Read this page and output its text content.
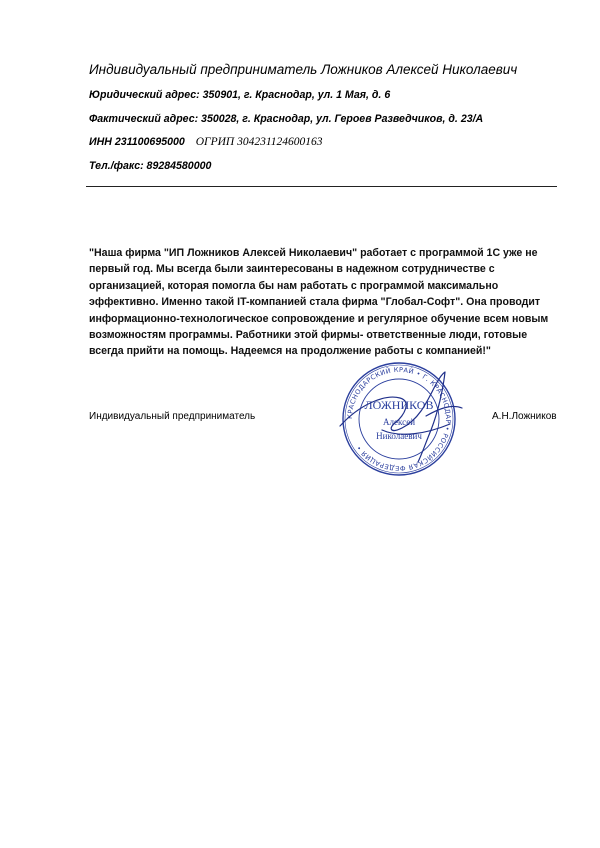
Индивидуальный предприниматель Ложников Алексей Николаевич
Юридический адрес: 350901, г. Краснодар, ул. 1 Мая, д. 6
Фактический адрес: 350028, г. Краснодар, ул. Героев Разведчиков, д. 23/А
ИНН 231100695000 ОГРИП 304231124600163
Тел./факс: 89284580000
"Наша фирма "ИП Ложников Алексей Николаевич" работает с программой 1С уже не
первый год. Мы всегда были заинтересованы в надежном сотрудничестве с
организацией, которая помогла бы нам работать с программой максимально
эффективно. Именно такой IT-компанией стала фирма "Глобал-Софт". Она проводит
информационно-технологическое сопровождение и регулярное обучение всем новым
возможностям программы. Работники этой фирмы- ответственные люди, готовые
всегда прийти на помощь. Надеемся на продолжение работы с компанией!"
Индивидуальный предприниматель	А.Н.Ложников
КРАСНОДАРСКИЙ КРАЙ • Г. КРАСНОДАР • РОССИЙСКАЯ ФЕДЕРАЦИЯ •
ЛОЖНИКОВ
Алексей
Николаевич
